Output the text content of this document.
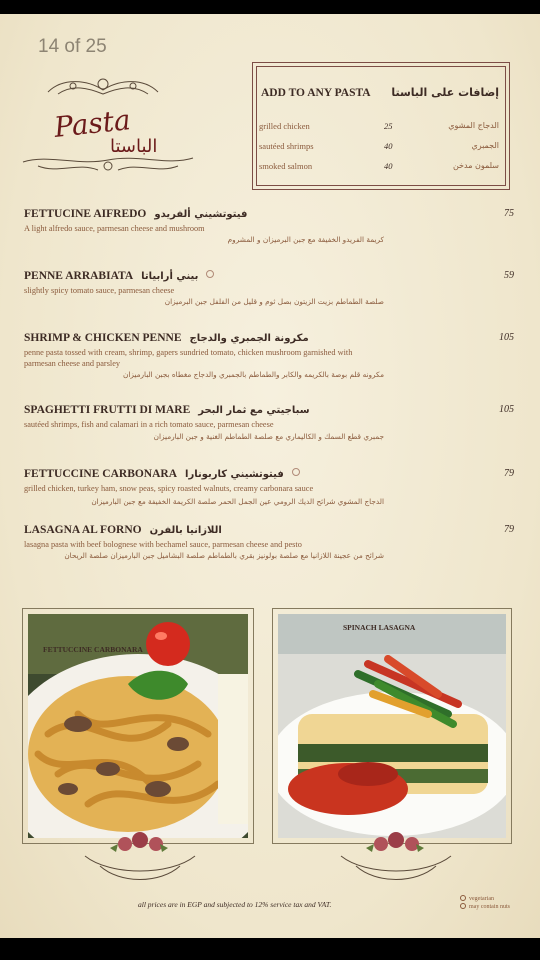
14 of 25
Pasta
الباستا
ADD TO ANY PASTA إضافات على الباستا
grilled chicken	25	الدجاج المشوي
sautéed shrimps	40	الجمبري
smoked salmon	40	سلمون مدخن
FETTUCINE AIFREDO فيتوتشيني ألفريدو	75
A light alfredo sauce, parmesan cheese and mushroom
كريمة الفريدو الخفيفة مع جبن البرميزان و المشروم
PENNE ARRABIATA بيني أرابياتا	59
slightly spicy tomato sauce, parmesan cheese
صلصة الطماطم بزيت الزيتون بصل ثوم و قليل من الفلفل جبن البرميزان
SHRIMP & CHICKEN PENNE مكرونة الجمبري والدجاج	105
penne pasta tossed with cream, shrimp, gapers sundried tomato, chicken mushroom garnished with parmesan cheese and parsley
مكرونه قلم بوصة بالكريمه والكابر والطماطم بالجمبري والدجاج مغطاه بجبن البارميزان
SPAGHETTI FRUTTI DI MARE سباجيتي مع ثمار البحر	105
sautéed shrimps, fish and calamari in a rich tomato sauce, parmesan cheese
جمبري قطع السمك و الكاليماري مع صلصة الطماطم الغنية و جبن البارميزان
FETTUCCINE CARBONARA فيتوتشيني كاربونارا	79
grilled chicken, turkey ham, snow peas, spicy roasted walnuts, creamy carbonara sauce
الدجاج المشوي شرائح الديك الرومي عين الجمل الحمر صلصة الكريمة الخفيفة مع جبن البارميزان
LASAGNA AL FORNO اللازانيا بالفرن	79
lasagna pasta with beef bolognese with bechamel sauce, parmesan cheese and pesto
شرائح من عجينة اللازانيا مع صلصة بولونيز بقري بالطماطم صلصة البشاميل جبن البارميزان صلصة الريحان
FETTUCCINE CARBONARA
SPINACH LASAGNA
all prices are in EGP and subjected to 12% service tax and VAT.
vegetarian
may contain nuts
